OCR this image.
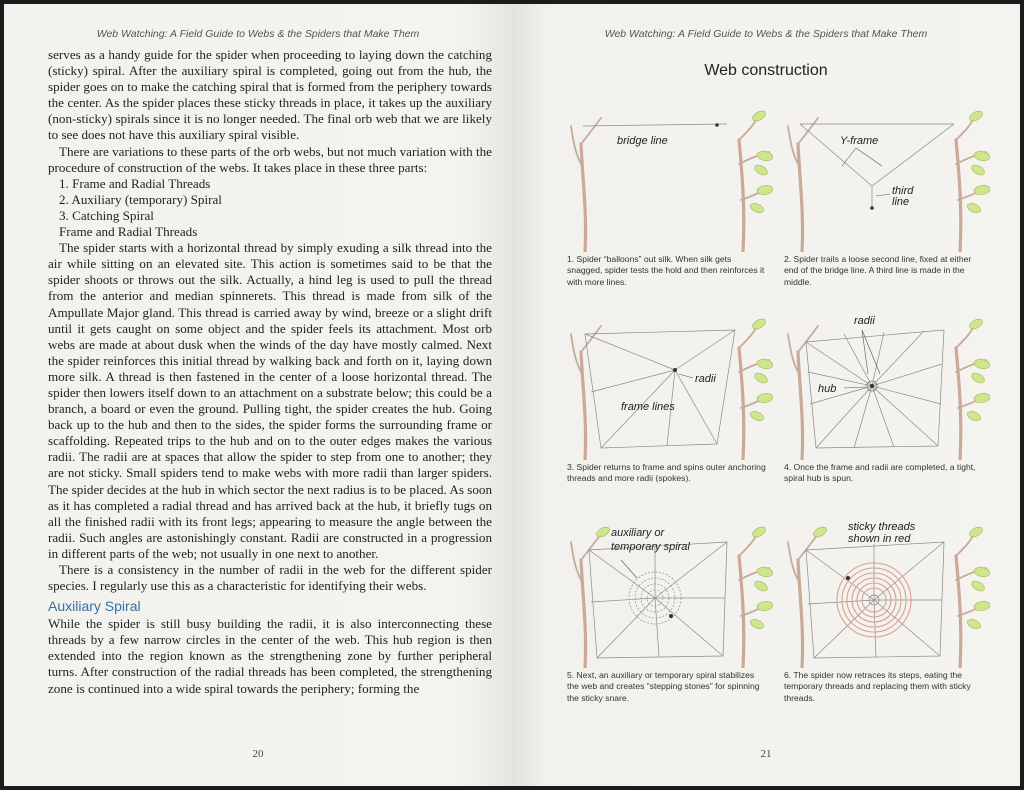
Web Watching: A Field Guide to Webs & the Spiders that Make Them

serves as a handy guide for the spider when proceeding to laying down the catching (sticky) spiral. After the auxiliary spiral is completed, going out from the hub, the spider goes on to make the catching spiral that is formed from the periphery towards the center. As the spider places these sticky threads in place, it takes up the auxiliary (non-sticky) spirals since it is no longer needed. The final orb web that we are likely to see does not have this auxiliary spiral visible.

There are variations to these parts of the orb webs, but not much variation with the procedure of construction of the webs. It takes place in these three parts:

1. Frame and Radial Threads

2. Auxiliary (temporary) Spiral

3. Catching Spiral

Frame and Radial Threads

The spider starts with a horizontal thread by simply exuding a silk thread into the air while sitting on an elevated site. This action is sometimes said to be that the spider shoots or throws out the silk. Actually, a hind leg is used to pull the thread from the anterior and median spinnerets. This thread is made from silk of the Ampullate Major gland. This thread is carried away by wind, breeze or a slight drift until it gets caught on some object and the spider feels its attachment. Most orb webs are made at about dusk when the winds of the day have mostly calmed. Next the spider reinforces this initial thread by walking back and forth on it, laying down more silk. A thread is then fastened in the center of a loose horizontal thread. The spider then lowers itself down to an attachment on a substrate below; this could be a branch, a board or even the ground. Pulling tight, the spider creates the hub. Going back up to the hub and then to the sides, the spider forms the surrounding frame or scaffolding. Repeated trips to the hub and on to the outer edges makes the various radii. The radii are at spaces that allow the spider to step from one to another; they are not sticky. Small spiders tend to make webs with more radii than larger spiders. The spider decides at the hub in which sector the next radius is to be placed. As soon as it has completed a radial thread and has arrived back at the hub, it briefly tugs on all the finished radii with its front legs; appearing to measure the angle between the radii. Such angles are astonishingly constant. Radii are constructed in a progression in different parts of the web; not usually in one next to another.

There is a consistency in the number of radii in the web for the different spider species. I regularly use this as a characteristic for identifying their webs.

Auxiliary Spiral

While the spider is still busy building the radii, it is also interconnecting these threads by a few narrow circles in the center of the web. This hub region is then extended into the region known as the strengthening zone by further peripheral turns. After construction of the radial threads has been completed, the strengthening zone is continued into a wide spiral towards the periphery; forming the

20
Web Watching: A Field Guide to Webs & the Spiders that Make Them
Web construction
bridge line
1. Spider “balloons” out silk. When silk gets snagged, spider tests the hold and then reinforces it with more lines.
Y-frame
third
line
2. Spider trails a loose second line, fixed at either end of the bridge line. A third line is made in the middle.
radii
frame lines
3. Spider returns to frame and spins outer anchoring threads and more radii (spokes).
radii
hub
4. Once the frame and radii are completed, a tight, spiral hub is spun.
auxiliary or
temporary spiral
5. Next, an auxiliary or temporary spiral stabilizes the web and creates “stepping stones” for spinning the sticky snare.
sticky threads
shown in red
6. The spider now retraces its steps, eating the temporary threads and replacing them with sticky threads.
21
